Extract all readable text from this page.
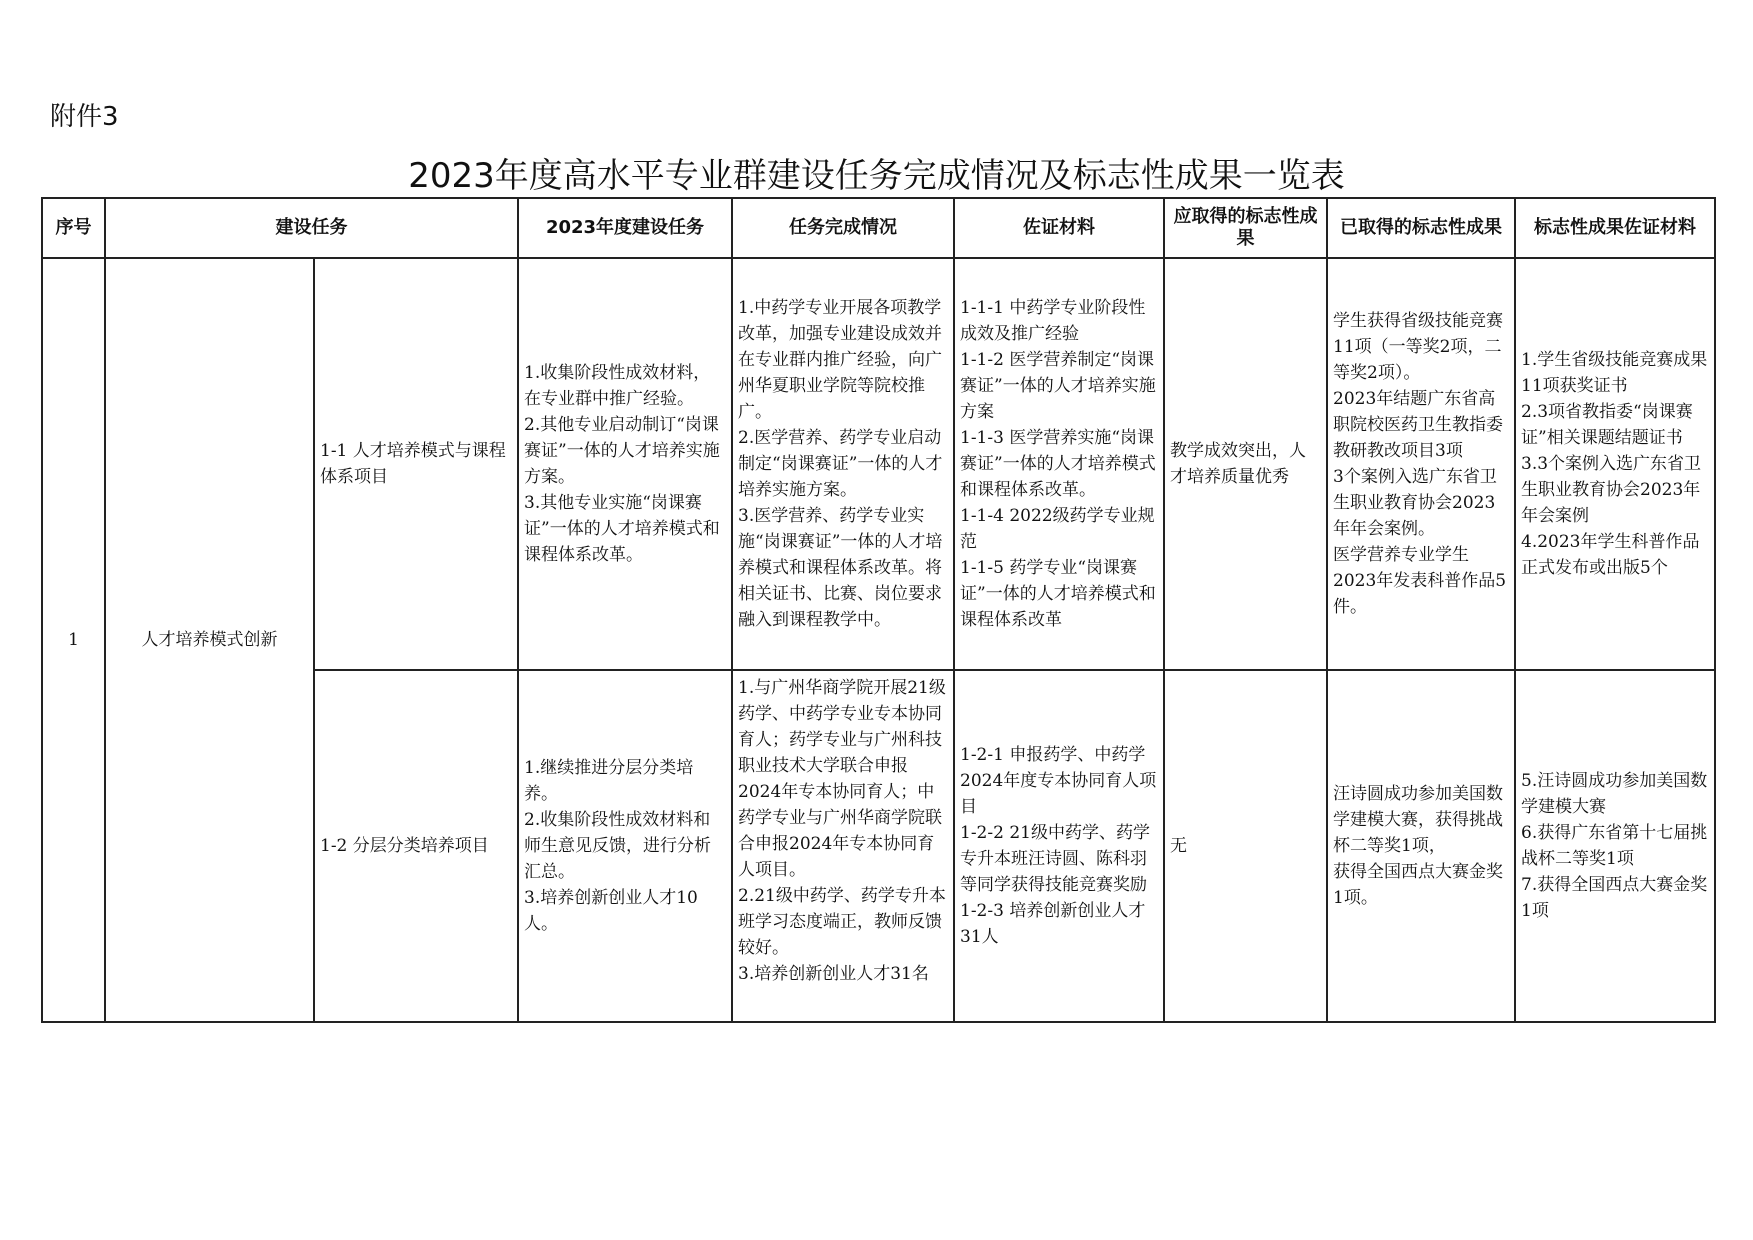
附件3
2023年度高水平专业群建设任务完成情况及标志性成果一览表
序号	建设任务		2023年度建设任务	任务完成情况	佐证材料	应取得的标志性成果	已取得的标志性成果	标志性成果佐证材料
1	人才培养模式创新	1-1 人才培养模式与课程体系项目	1.收集阶段性成效材料，在专业群中推广经验。
2.其他专业启动制订“岗课赛证”一体的人才培养实施方案。
3.其他专业实施“岗课赛证”一体的人才培养模式和课程体系改革。	1.中药学专业开展各项教学改革，加强专业建设成效并在专业群内推广经验，向广州华夏职业学院等院校推广。
2.医学营养、药学专业启动制定“岗课赛证”一体的人才培养实施方案。
3.医学营养、药学专业实施“岗课赛证”一体的人才培养模式和课程体系改革。将相关证书、比赛、岗位要求融入到课程教学中。	1-1-1 中药学专业阶段性成效及推广经验
1-1-2 医学营养制定“岗课赛证”一体的人才培养实施方案
1-1-3 医学营养实施“岗课赛证”一体的人才培养模式和课程体系改革。
1-1-4 2022级药学专业规范
1-1-5 药学专业“岗课赛证”一体的人才培养模式和课程体系改革	教学成效突出，人才培养质量优秀	学生获得省级技能竞赛11项（一等奖2项，二等奖2项）。
2023年结题广东省高职院校医药卫生教指委教研教改项目3项
3个案例入选广东省卫生职业教育协会2023年年会案例。
医学营养专业学生2023年发表科普作品5件。	1.学生省级技能竞赛成果11项获奖证书
2.3项省教指委“岗课赛证”相关课题结题证书
3.3个案例入选广东省卫生职业教育协会2023年年会案例
4.2023年学生科普作品正式发布或出版5个
		1-2 分层分类培养项目	1.继续推进分层分类培养。
2.收集阶段性成效材料和师生意见反馈，进行分析汇总。
3.培养创新创业人才10人。	1.与广州华商学院开展21级药学、中药学专业专本协同育人；药学专业与广州科技职业技术大学联合申报2024年专本协同育人；中药学专业与广州华商学院联合申报2024年专本协同育人项目。
2.21级中药学、药学专升本班学习态度端正，教师反馈较好。
3.培养创新创业人才31名	1-2-1 申报药学、中药学2024年度专本协同育人项目
1-2-2 21级中药学、药学专升本班汪诗圆、陈科羽等同学获得技能竞赛奖励
1-2-3 培养创新创业人才31人	无	汪诗圆成功参加美国数学建模大赛，获得挑战杯二等奖1项，
获得全国西点大赛金奖1项。	5.汪诗圆成功参加美国数学建模大赛
6.获得广东省第十七届挑战杯二等奖1项
7.获得全国西点大赛金奖1项
